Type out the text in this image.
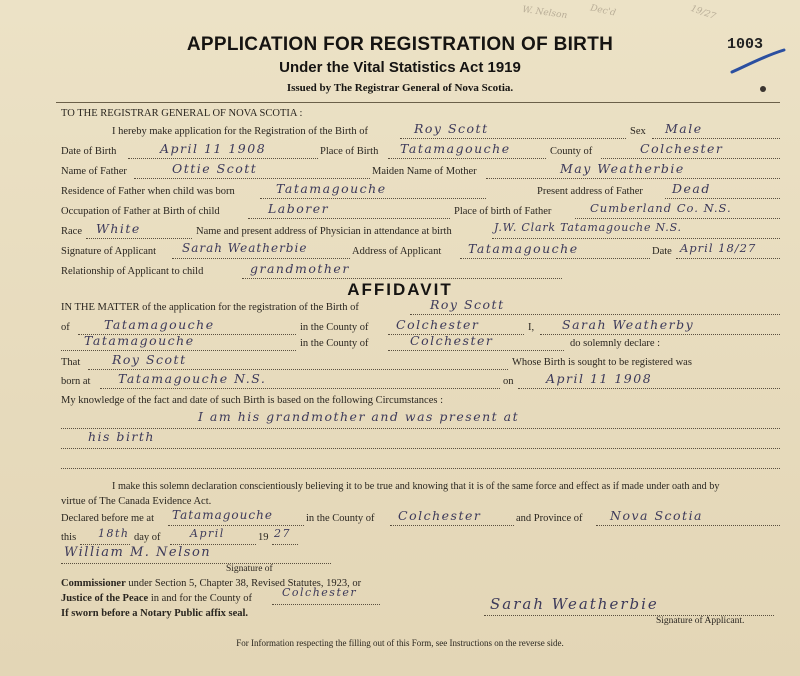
W. Nelson Dec'd	19/27
APPLICATION FOR REGISTRATION OF BIRTH
Under the Vital Statistics Act 1919
Issued by The Registrar General of Nova Scotia.
1003
TO THE REGISTRAR GENERAL OF NOVA SCOTIA :
I hereby make application for the Registration of the Birth of	Roy Scott	Sex Male
Date of Birth	April 11 1908	Place of Birth Tatamagouche	County of	Colchester
Name of Father	Ottie Scott	Maiden Name of Mother	May Weatherbie
Residence of Father when child was born	Tatamagouche	Present address of Father Dead
Occupation of Father at Birth of child	Laborer	Place of birth of Father	Cumberland Co. N.S.
Race White	Name and present address of Physician in attendance at birth	J.W. Clark Tatamagouche N.S.
Signature of Applicant Sarah Weatherbie	Address of Applicant Tatamagouche	Date April 18/27
Relationship of Applicant to child	grandmother
AFFIDAVIT
IN THE MATTER of the application for the registration of the Birth of	Roy Scott
of	Tatamagouche	in the County of Colchester	I, Sarah Weatherby
Tatamagouche	in the County of	Colchester	do solemnly declare :
That	Roy Scott	Whose Birth is sought to be registered was
born at Tatamagouche N.S.	on	April 11 1908
My knowledge of the fact and date of such Birth is based on the following Circumstances :
I am his grandmother and was present at
his birth
I make this solemn declaration conscientiously believing it to be true and knowing that it is of the same force and effect as if made under oath and by
virtue of The Canada Evidence Act.
Declared before me at Tatamagouche	in the County of Colchester	and Province of Nova Scotia
this 18th day of	April	19 27
William M. Nelson
Signature of
Commissioner under Section 5, Chapter 38, Revised Statutes, 1923, or
Justice of the Peace in and for the County of	Colchester
If sworn before a Notary Public affix seal.
Sarah Weatherbie
Signature of Applicant.
For Information respecting the filling out of this Form, see Instructions on the reverse side.
